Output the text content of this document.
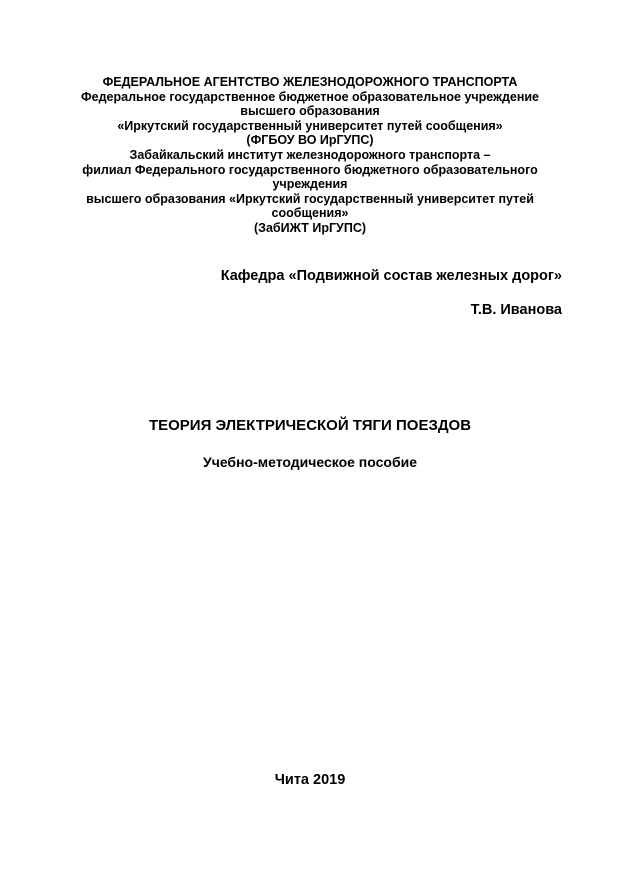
ФЕДЕРАЛЬНОЕ АГЕНТСТВО ЖЕЛЕЗНОДОРОЖНОГО ТРАНСПОРТА
Федеральное государственное бюджетное образовательное учреждение
высшего образования
«Иркутский государственный университет путей сообщения»
(ФГБОУ ВО ИрГУПС)
Забайкальский институт железнодорожного транспорта –
филиал Федерального государственного бюджетного образовательного
учреждения
высшего образования «Иркутский государственный университет путей
сообщения»
(ЗабИЖТ ИрГУПС)
Кафедра «Подвижной состав железных дорог»
Т.В. Иванова
ТЕОРИЯ ЭЛЕКТРИЧЕСКОЙ ТЯГИ ПОЕЗДОВ
Учебно-методическое пособие
Чита 2019
